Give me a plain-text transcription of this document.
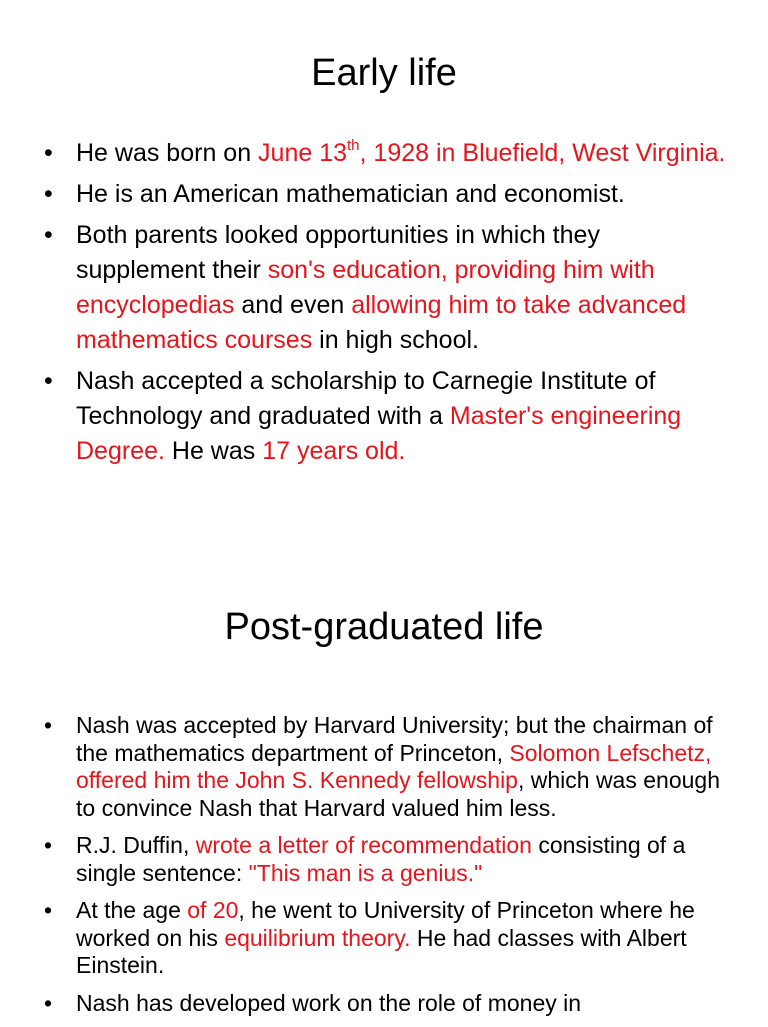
Early life
• He was born on June 13th, 1928 in Bluefield, West Virginia.
• He is an American mathematician and economist.
• Both parents looked opportunities in which they supplement their son's education, providing him with encyclopedias and even allowing him to take advanced mathematics courses in high school.
• Nash accepted a scholarship to Carnegie Institute of Technology and graduated with a Master's engineering Degree. He was 17 years old.
Post-graduated life
• Nash was accepted by Harvard University; but the chairman of the mathematics department of Princeton, Solomon Lefschetz, offered him the John S. Kennedy fellowship, which was enough to convince Nash that Harvard valued him less.
• R.J. Duffin, wrote a letter of recommendation consisting of a single sentence: "This man is a genius."
• At the age of 20, he went to University of Princeton where he worked on his equilibrium theory. He had classes with Albert Einstein.
• Nash has developed work on the role of money in
